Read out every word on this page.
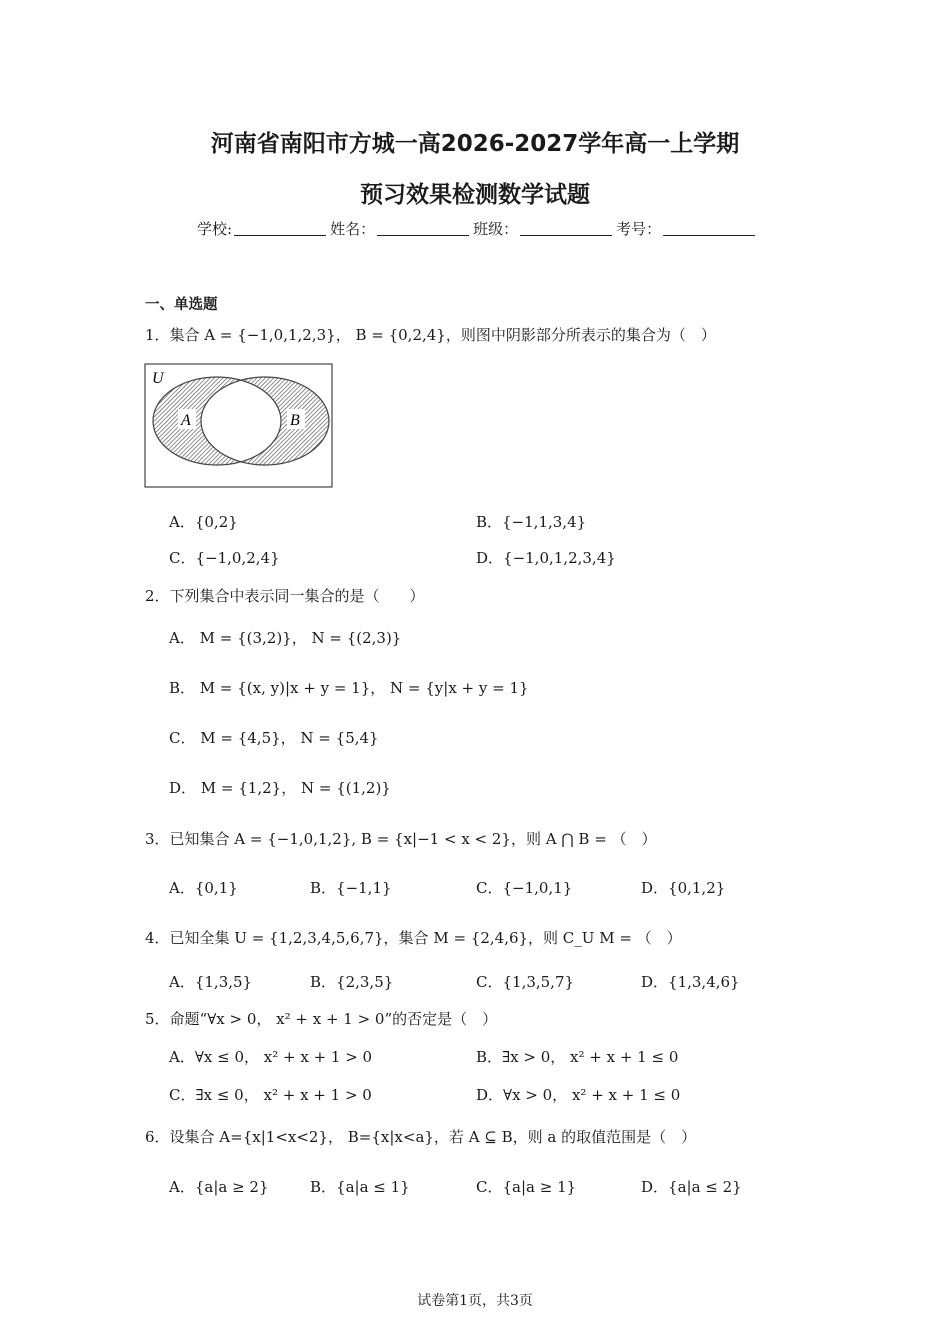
河南省南阳市方城一高2026-2027学年高一上学期
预习效果检测数学试题
学校:	姓名：	班级：	考号：
一、单选题
1．集合 A = {−1,0,1,2,3}， B = {0,2,4}，则图中阴影部分所表示的集合为（　）
U
A	B
A．{0,2}	B．{−1,1,3,4}
C．{−1,0,2,4}	D．{−1,0,1,2,3,4}
2．下列集合中表示同一集合的是（　　）
A． M = {(3,2)}， N = {(2,3)}
B． M = {(x, y)|x + y = 1}， N = {y|x + y = 1}
C． M = {4,5}， N = {5,4}
D． M = {1,2}， N = {(1,2)}
3．已知集合 A = {−1,0,1,2}, B = {x|−1 < x < 2}，则 A ⋂ B = （　）
A．{0,1}	B．{−1,1}	C．{−1,0,1}	D．{0,1,2}
4．已知全集 U = {1,2,3,4,5,6,7}，集合 M = {2,4,6}，则 C_U M = （　）
A．{1,3,5}	B．{2,3,5}	C．{1,3,5,7}	D．{1,3,4,6}
5．命题“∀x > 0， x² + x + 1 > 0”的否定是（　）
A．∀x ≤ 0， x² + x + 1 > 0	B．∃x > 0， x² + x + 1 ≤ 0
C．∃x ≤ 0， x² + x + 1 > 0	D．∀x > 0， x² + x + 1 ≤ 0
6．设集合 A={x|1<x<2}， B={x|x<a}，若 A ⊆ B，则 a 的取值范围是（　）
A．{a|a ≥ 2}	B．{a|a ≤ 1}	C．{a|a ≥ 1}	D．{a|a ≤ 2}
试卷第1页，共3页
